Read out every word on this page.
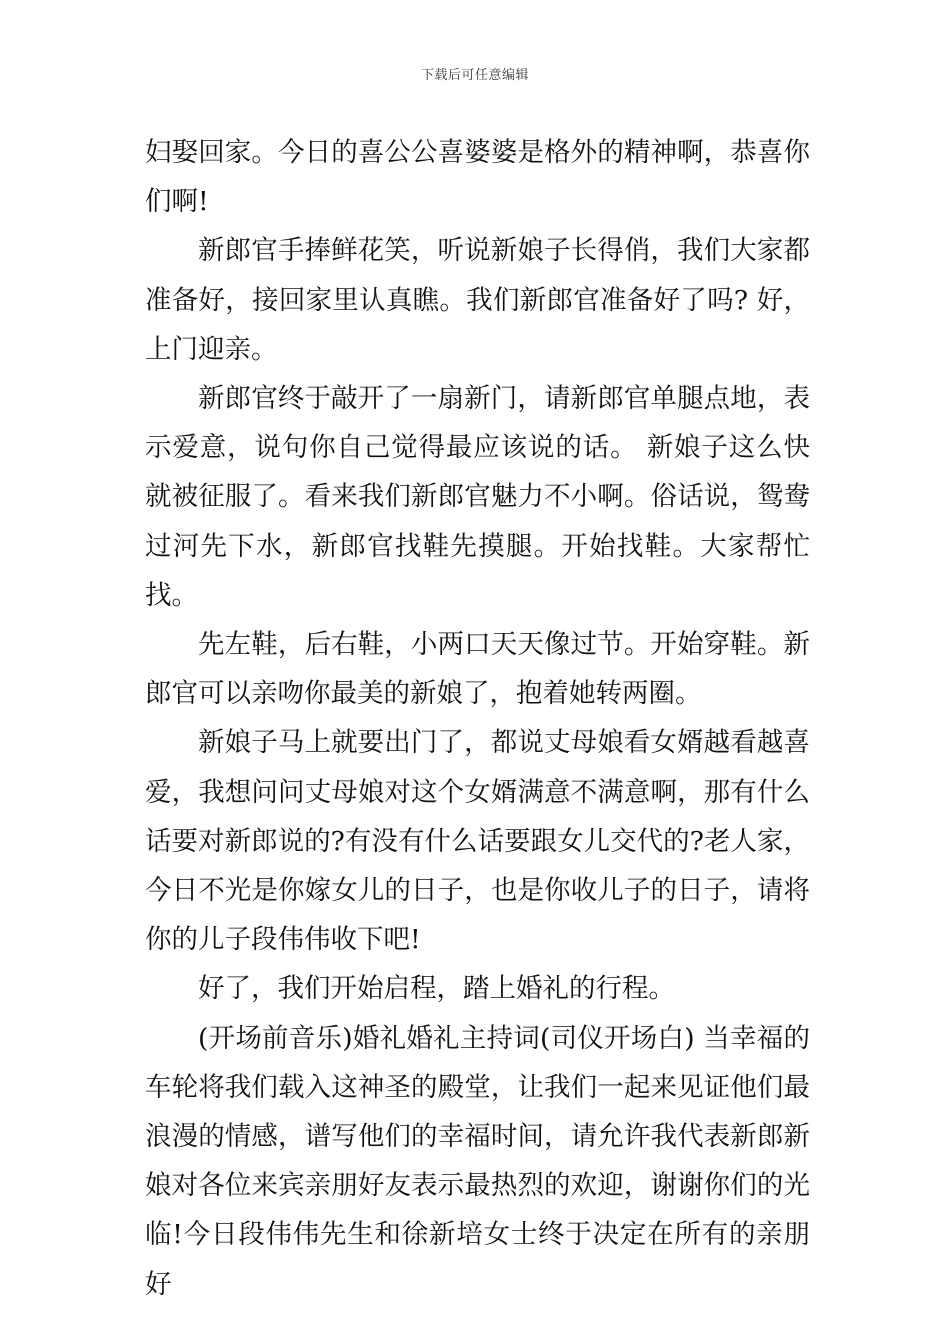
下载后可任意编辑

妇娶回家。今日的喜公公喜婆婆是格外的精神啊，恭喜你们啊!

新郎官手捧鲜花笑，听说新娘子长得俏，我们大家都准备好，接回家里认真瞧。我们新郎官准备好了吗? 好，上门迎亲。

新郎官终于敲开了一扇新门，请新郎官单腿点地，表示爱意，说句你自己觉得最应该说的话。 新娘子这么快就被征服了。看来我们新郎官魅力不小啊。俗话说，鸳鸯过河先下水，新郎官找鞋先摸腿。开始找鞋。大家帮忙找。

先左鞋，后右鞋，小两口天天像过节。开始穿鞋。新郎官可以亲吻你最美的新娘了，抱着她转两圈。

新娘子马上就要出门了，都说丈母娘看女婿越看越喜爱，我想问问丈母娘对这个女婿满意不满意啊，那有什么话要对新郎说的?有没有什么话要跟女儿交代的?老人家，今日不光是你嫁女儿的日子，也是你收儿子的日子，请将你的儿子段伟伟收下吧!

好了，我们开始启程，踏上婚礼的行程。

(开场前音乐)婚礼婚礼主持词(司仪开场白) 当幸福的车轮将我们载入这神圣的殿堂，让我们一起来见证他们最浪漫的情感，谱写他们的幸福时间，请允许我代表新郎新娘对各位来宾亲朋好友表示最热烈的欢迎，谢谢你们的光临!今日段伟伟先生和徐新培女士终于决定在所有的亲朋好
